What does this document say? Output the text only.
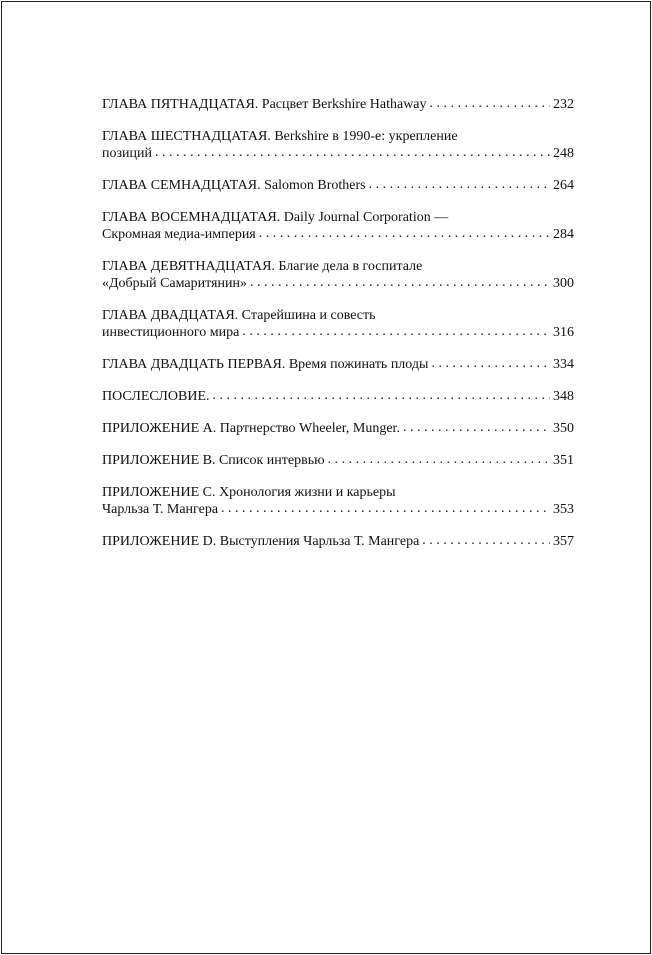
ГЛАВА ПЯТНАДЦАТАЯ. Расцвет Berkshire Hathaway . . .	232
ГЛАВА ШЕСТНАДЦАТАЯ. Berkshire в 1990-е: укрепление
позиций . . .	248
ГЛАВА СЕМНАДЦАТАЯ. Salomon Brothers . . .	264
ГЛАВА ВОСЕМНАДЦАТАЯ. Daily Journal Corporation —
Скромная медиа-империя . . .	284
ГЛАВА ДЕВЯТНАДЦАТАЯ. Благие дела в госпитале
«Добрый Самаритянин» . . .	300
ГЛАВА ДВАДЦАТАЯ. Старейшина и совесть
инвестиционного мира . . .	316
ГЛАВА ДВАДЦАТЬ ПЕРВАЯ. Время пожинать плоды . . .	334
ПОСЛЕСЛОВИЕ. . . .	348
ПРИЛОЖЕНИЕ А. Партнерство Wheeler, Munger. . . .	350
ПРИЛОЖЕНИЕ B. Список интервью . . .	351
ПРИЛОЖЕНИЕ C. Хронология жизни и карьеры
Чарльза Т. Мангера . . .	353
ПРИЛОЖЕНИЕ D. Выступления Чарльза Т. Мангера . . .	357
